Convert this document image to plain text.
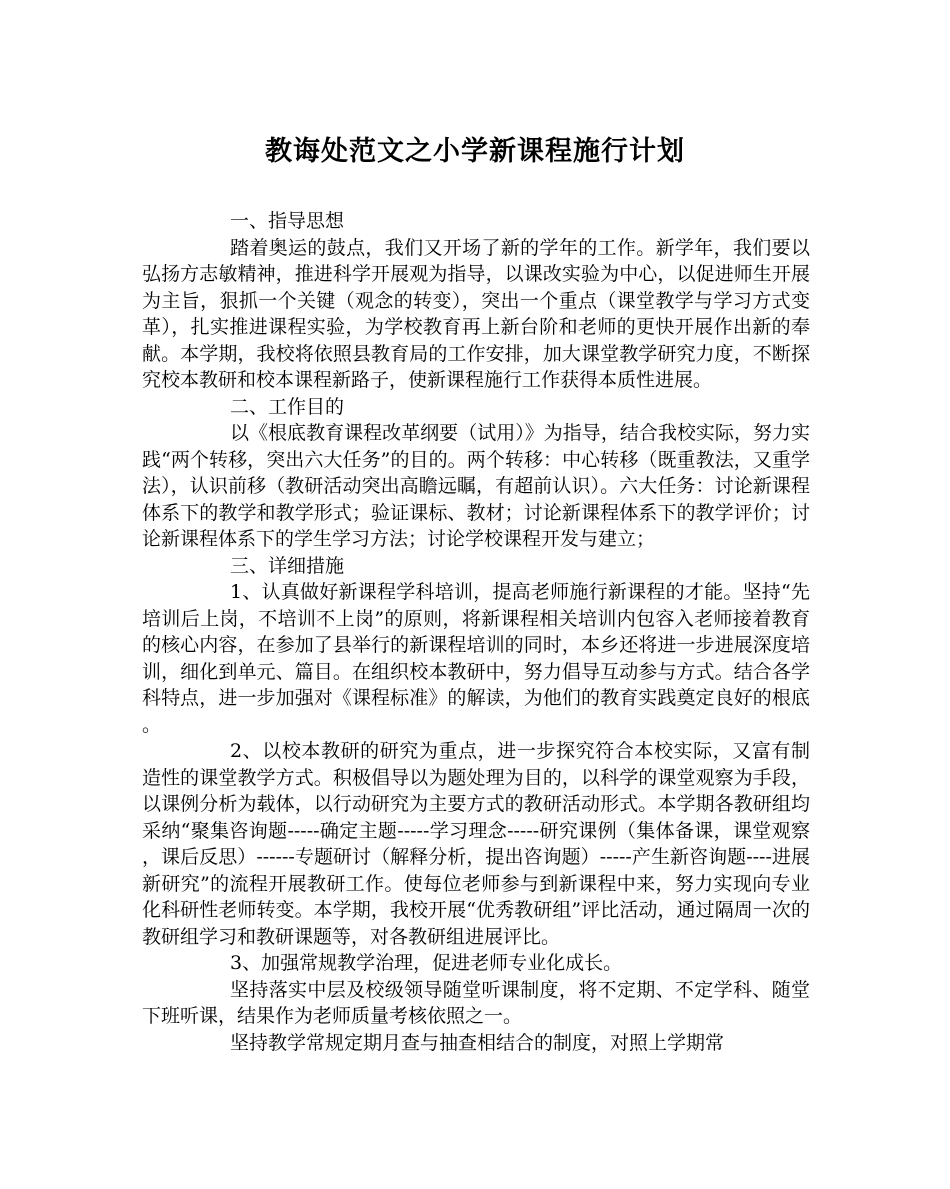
教诲处范文之小学新课程施行计划

一、指导思想

踏着奥运的鼓点，我们又开场了新的学年的工作。新学年，我们要以弘扬方志敏精神，推进科学开展观为指导，以课改实验为中心，以促进师生开展为主旨，狠抓一个关键（观念的转变），突出一个重点（课堂教学与学习方式变革），扎实推进课程实验，为学校教育再上新台阶和老师的更快开展作出新的奉献。本学期，我校将依照县教育局的工作安排，加大课堂教学研究力度，不断探究校本教研和校本课程新路子，使新课程施行工作获得本质性进展。

二、工作目的

以《根底教育课程改革纲要（试用）》为指导，结合我校实际，努力实践“两个转移，突出六大任务”的目的。两个转移：中心转移（既重教法，又重学法），认识前移（教研活动突出高瞻远瞩，有超前认识）。六大任务：讨论新课程体系下的教学和教学形式；验证课标、教材；讨论新课程体系下的教学评价；讨论新课程体系下的学生学习方法；讨论学校课程开发与建立；

三、详细措施

1、认真做好新课程学科培训，提高老师施行新课程的才能。坚持“先培训后上岗，不培训不上岗”的原则，将新课程相关培训内包容入老师接着教育的核心内容，在参加了县举行的新课程培训的同时，本乡还将进一步进展深度培训，细化到单元、篇目。在组织校本教研中，努力倡导互动参与方式。结合各学科特点，进一步加强对《课程标准》的解读，为他们的教育实践奠定良好的根底。

2、以校本教研的研究为重点，进一步探究符合本校实际，又富有制造性的课堂教学方式。积极倡导以为题处理为目的，以科学的课堂观察为手段，以课例分析为载体，以行动研究为主要方式的教研活动形式。本学期各教研组均采纳“聚集咨询题-----确定主题-----学习理念-----研究课例（集体备课，课堂观察，课后反思）------专题研讨（解释分析，提出咨询题）-----产生新咨询题----进展新研究”的流程开展教研工作。使每位老师参与到新课程中来，努力实现向专业化科研性老师转变。本学期，我校开展“优秀教研组”评比活动，通过隔周一次的教研组学习和教研课题等，对各教研组进展评比。

3、加强常规教学治理，促进老师专业化成长。

坚持落实中层及校级领导随堂听课制度，将不定期、不定学科、随堂下班听课，结果作为老师质量考核依照之一。

坚持教学常规定期月查与抽查相结合的制度，对照上学期常
